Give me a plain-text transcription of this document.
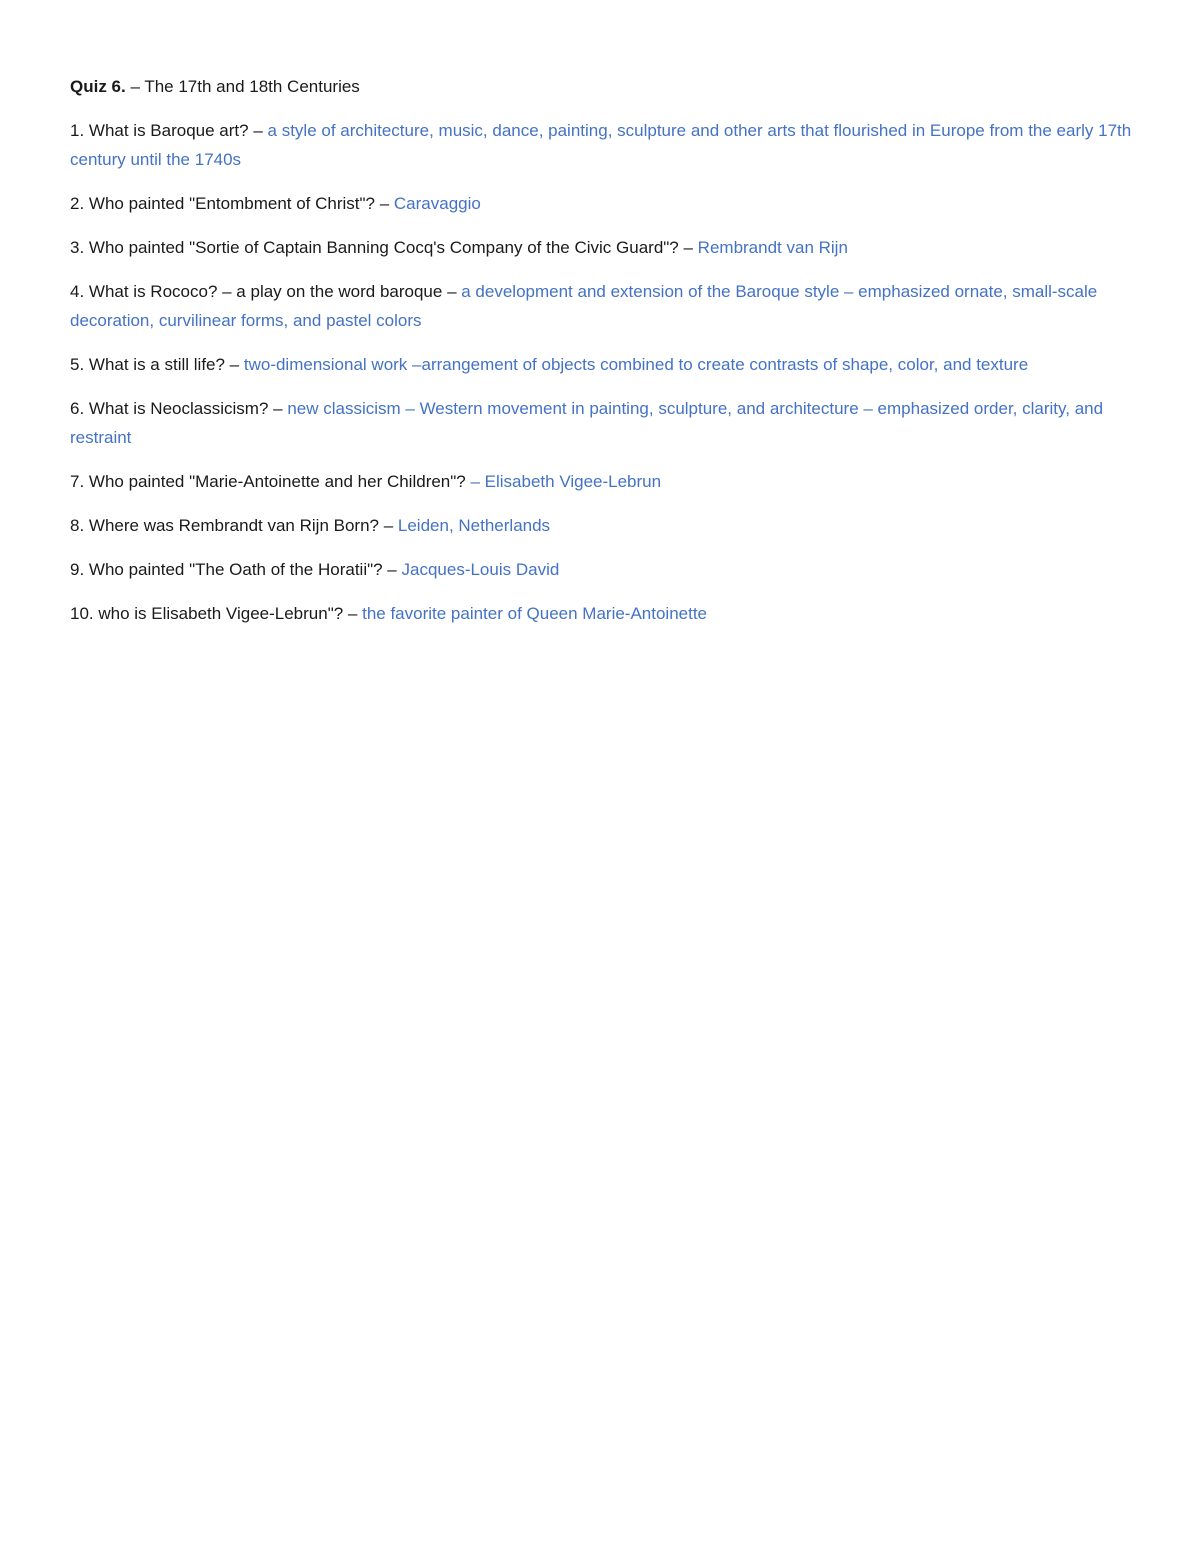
Quiz 6. – The 17th and 18th Centuries

1. What is Baroque art? – a style of architecture, music, dance, painting, sculpture and other arts that flourished in Europe from the early 17th century until the 1740s

2. Who painted "Entombment of Christ"? – Caravaggio

3. Who painted "Sortie of Captain Banning Cocq's Company of the Civic Guard"? – Rembrandt van Rijn

4. What is Rococo? – a play on the word baroque – a development and extension of the Baroque style – emphasized ornate, small-scale decoration, curvilinear forms, and pastel colors

5. What is a still life? – two-dimensional work –arrangement of objects combined to create contrasts of shape, color, and texture

6. What is Neoclassicism? – new classicism – Western movement in painting, sculpture, and architecture – emphasized order, clarity, and restraint

7. Who painted "Marie-Antoinette and her Children"? – Elisabeth Vigee-Lebrun

8. Where was Rembrandt van Rijn Born? – Leiden, Netherlands

9. Who painted "The Oath of the Horatii"? – Jacques-Louis David

10. who is Elisabeth Vigee-Lebrun"? – the favorite painter of Queen Marie-Antoinette
